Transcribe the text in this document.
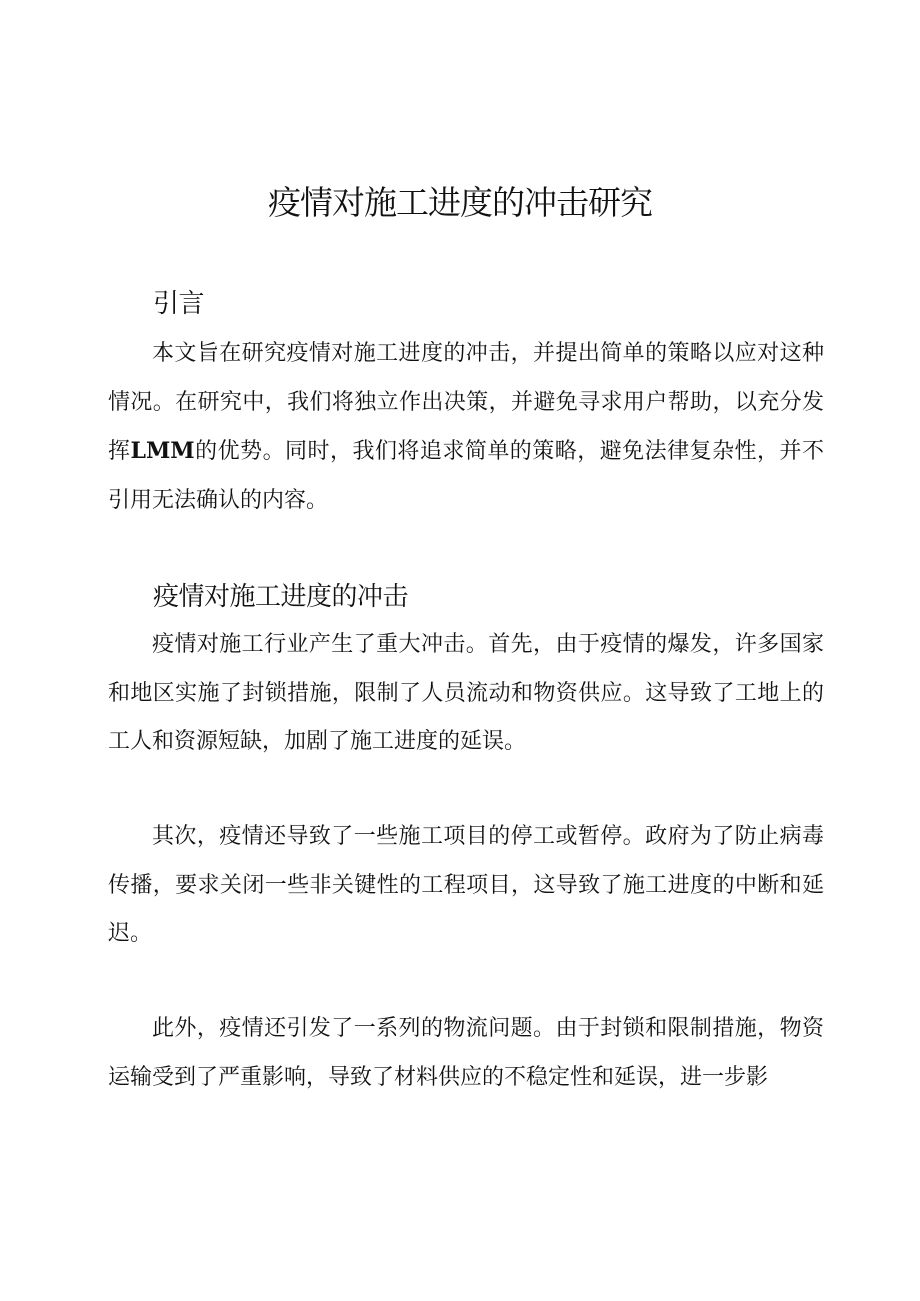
疫情对施工进度的冲击研究
引言

本文旨在研究疫情对施工进度的冲击，并提出简单的策略以应对这种情况。在研究中，我们将独立作出决策，并避免寻求用户帮助，以充分发挥LMM的优势。同时，我们将追求简单的策略，避免法律复杂性，并不引用无法确认的内容。

疫情对施工进度的冲击

疫情对施工行业产生了重大冲击。首先，由于疫情的爆发，许多国家和地区实施了封锁措施，限制了人员流动和物资供应。这导致了工地上的工人和资源短缺，加剧了施工进度的延误。

其次，疫情还导致了一些施工项目的停工或暂停。政府为了防止病毒传播，要求关闭一些非关键性的工程项目，这导致了施工进度的中断和延迟。

此外，疫情还引发了一系列的物流问题。由于封锁和限制措施，物资运输受到了严重影响，导致了材料供应的不稳定性和延误，进一步影
